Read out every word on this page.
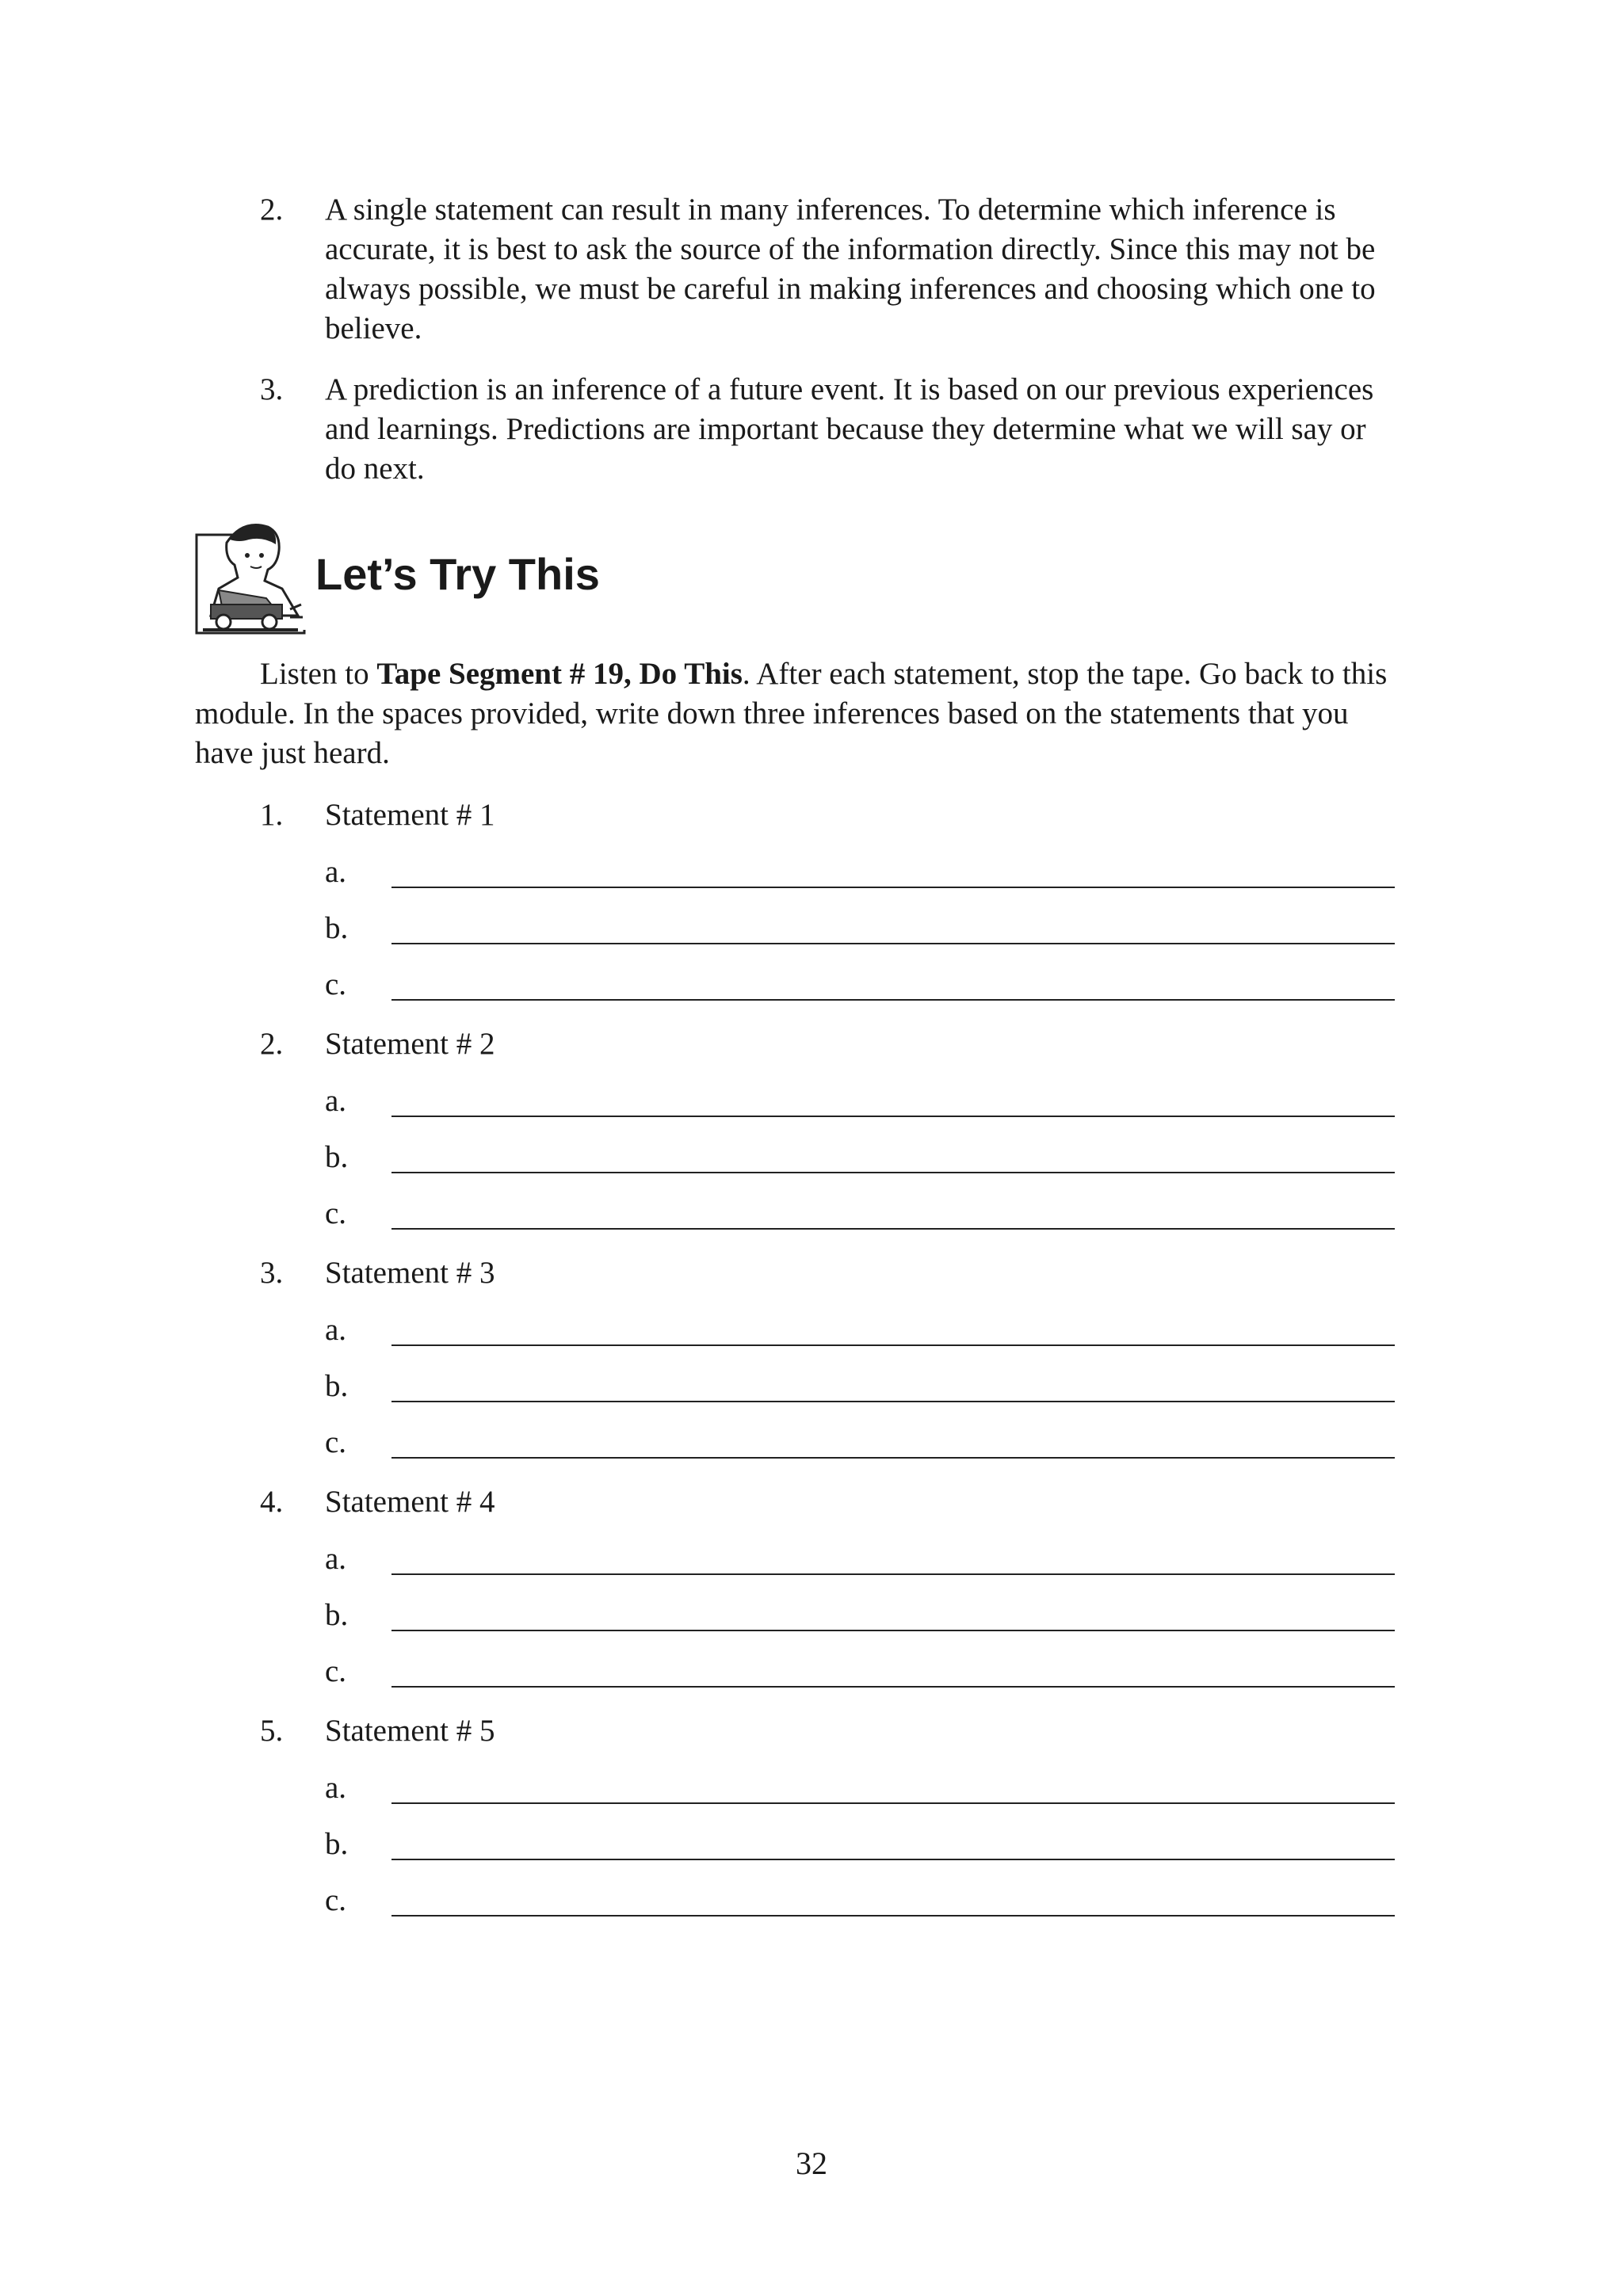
2. A single statement can result in many inferences. To determine which inference is accurate, it is best to ask the source of the information directly. Since this may not be always possible, we must be careful in making inferences and choosing which one to believe.
3. A prediction is an inference of a future event. It is based on our previous experiences and learnings. Predictions are important because they determine what we will say or do next.
Let’s Try This

Listen to Tape Segment # 19, Do This. After each statement, stop the tape. Go back to this module. In the spaces provided, write down three inferences based on the statements that you have just heard.

1. Statement # 1
a.
b.
c.
2. Statement # 2
a.
b.
c.
3. Statement # 3
a.
b.
c.
4. Statement # 4
a.
b.
c.
5. Statement # 5
a.
b.
c.
32
